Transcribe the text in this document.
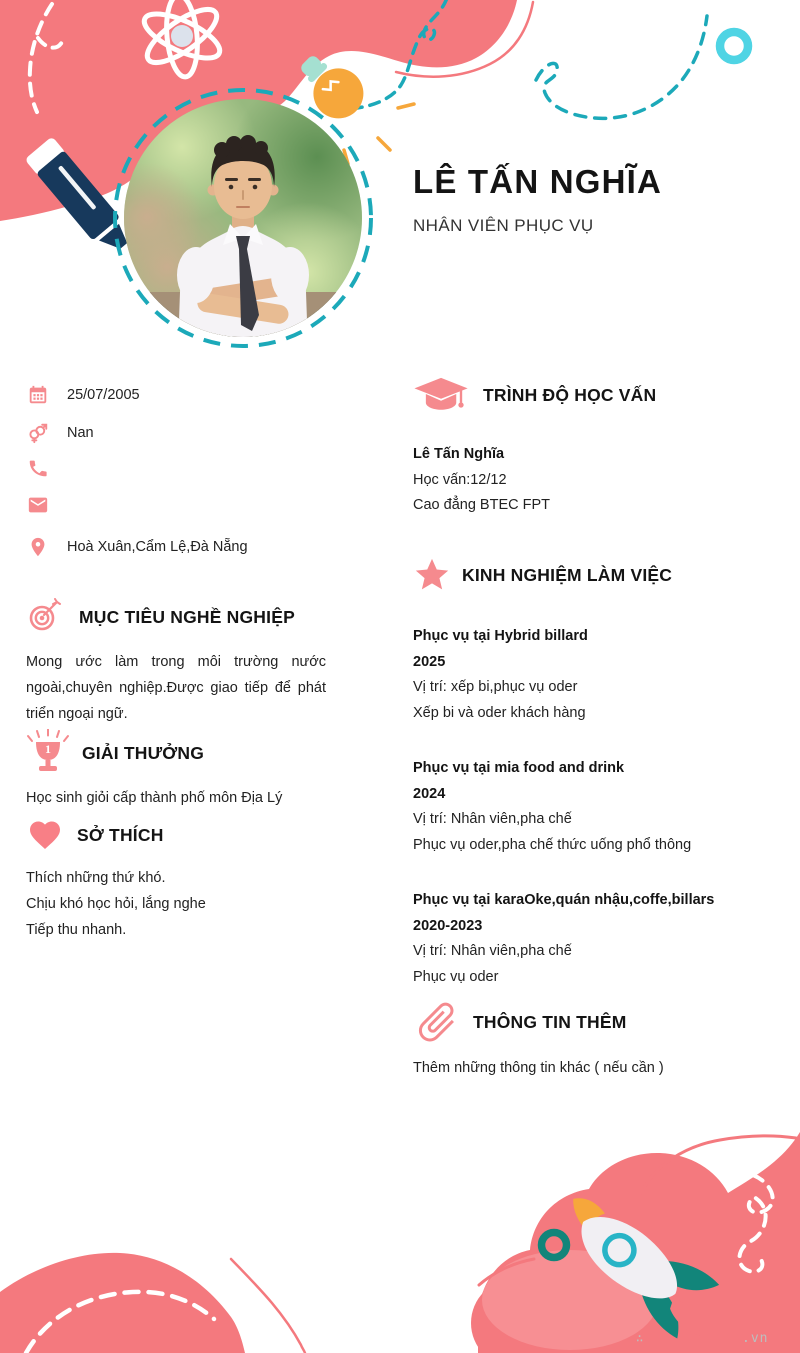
LÊ TẤN NGHĨA

NHÂN VIÊN PHỤC VỤ

25/07/2005
Nan
Hoà Xuân,Cẩm Lệ,Đà Nẵng
MỤC TIÊU NGHỀ NGHIỆP

Mong ước làm trong môi trường nước ngoài,chuyên nghiệp.Được giao tiếp để phát triển ngoại ngữ.

1 GIẢI THƯỞNG

Học sinh giỏi cấp thành phố môn Địa Lý

SỞ THÍCH
Thích những thứ khó.
Chịu khó học hỏi, lắng nghe
Tiếp thu nhanh.
TRÌNH ĐỘ HỌC VẤN
Lê Tấn Nghĩa
Học vấn:12/12
Cao đẳng BTEC FPT
KINH NGHIỆM LÀM VIỆC
Phục vụ tại Hybrid billard
2025
Vị trí: xếp bi,phục vụ oder
Xếp bi và oder khách hàng
Phục vụ tại mia food and drink
2024
Vị trí: Nhân viên,pha chế
Phục vụ oder,pha chế thức uống phổ thông
Phục vụ tại karaOke,quán nhậu,coffe,billars
2020-2023
Vị trí: Nhân viên,pha chế
Phục vụ oder
THÔNG TIN THÊM

Thêm những thông tin khác ( nếu cần )

∴	.vn
